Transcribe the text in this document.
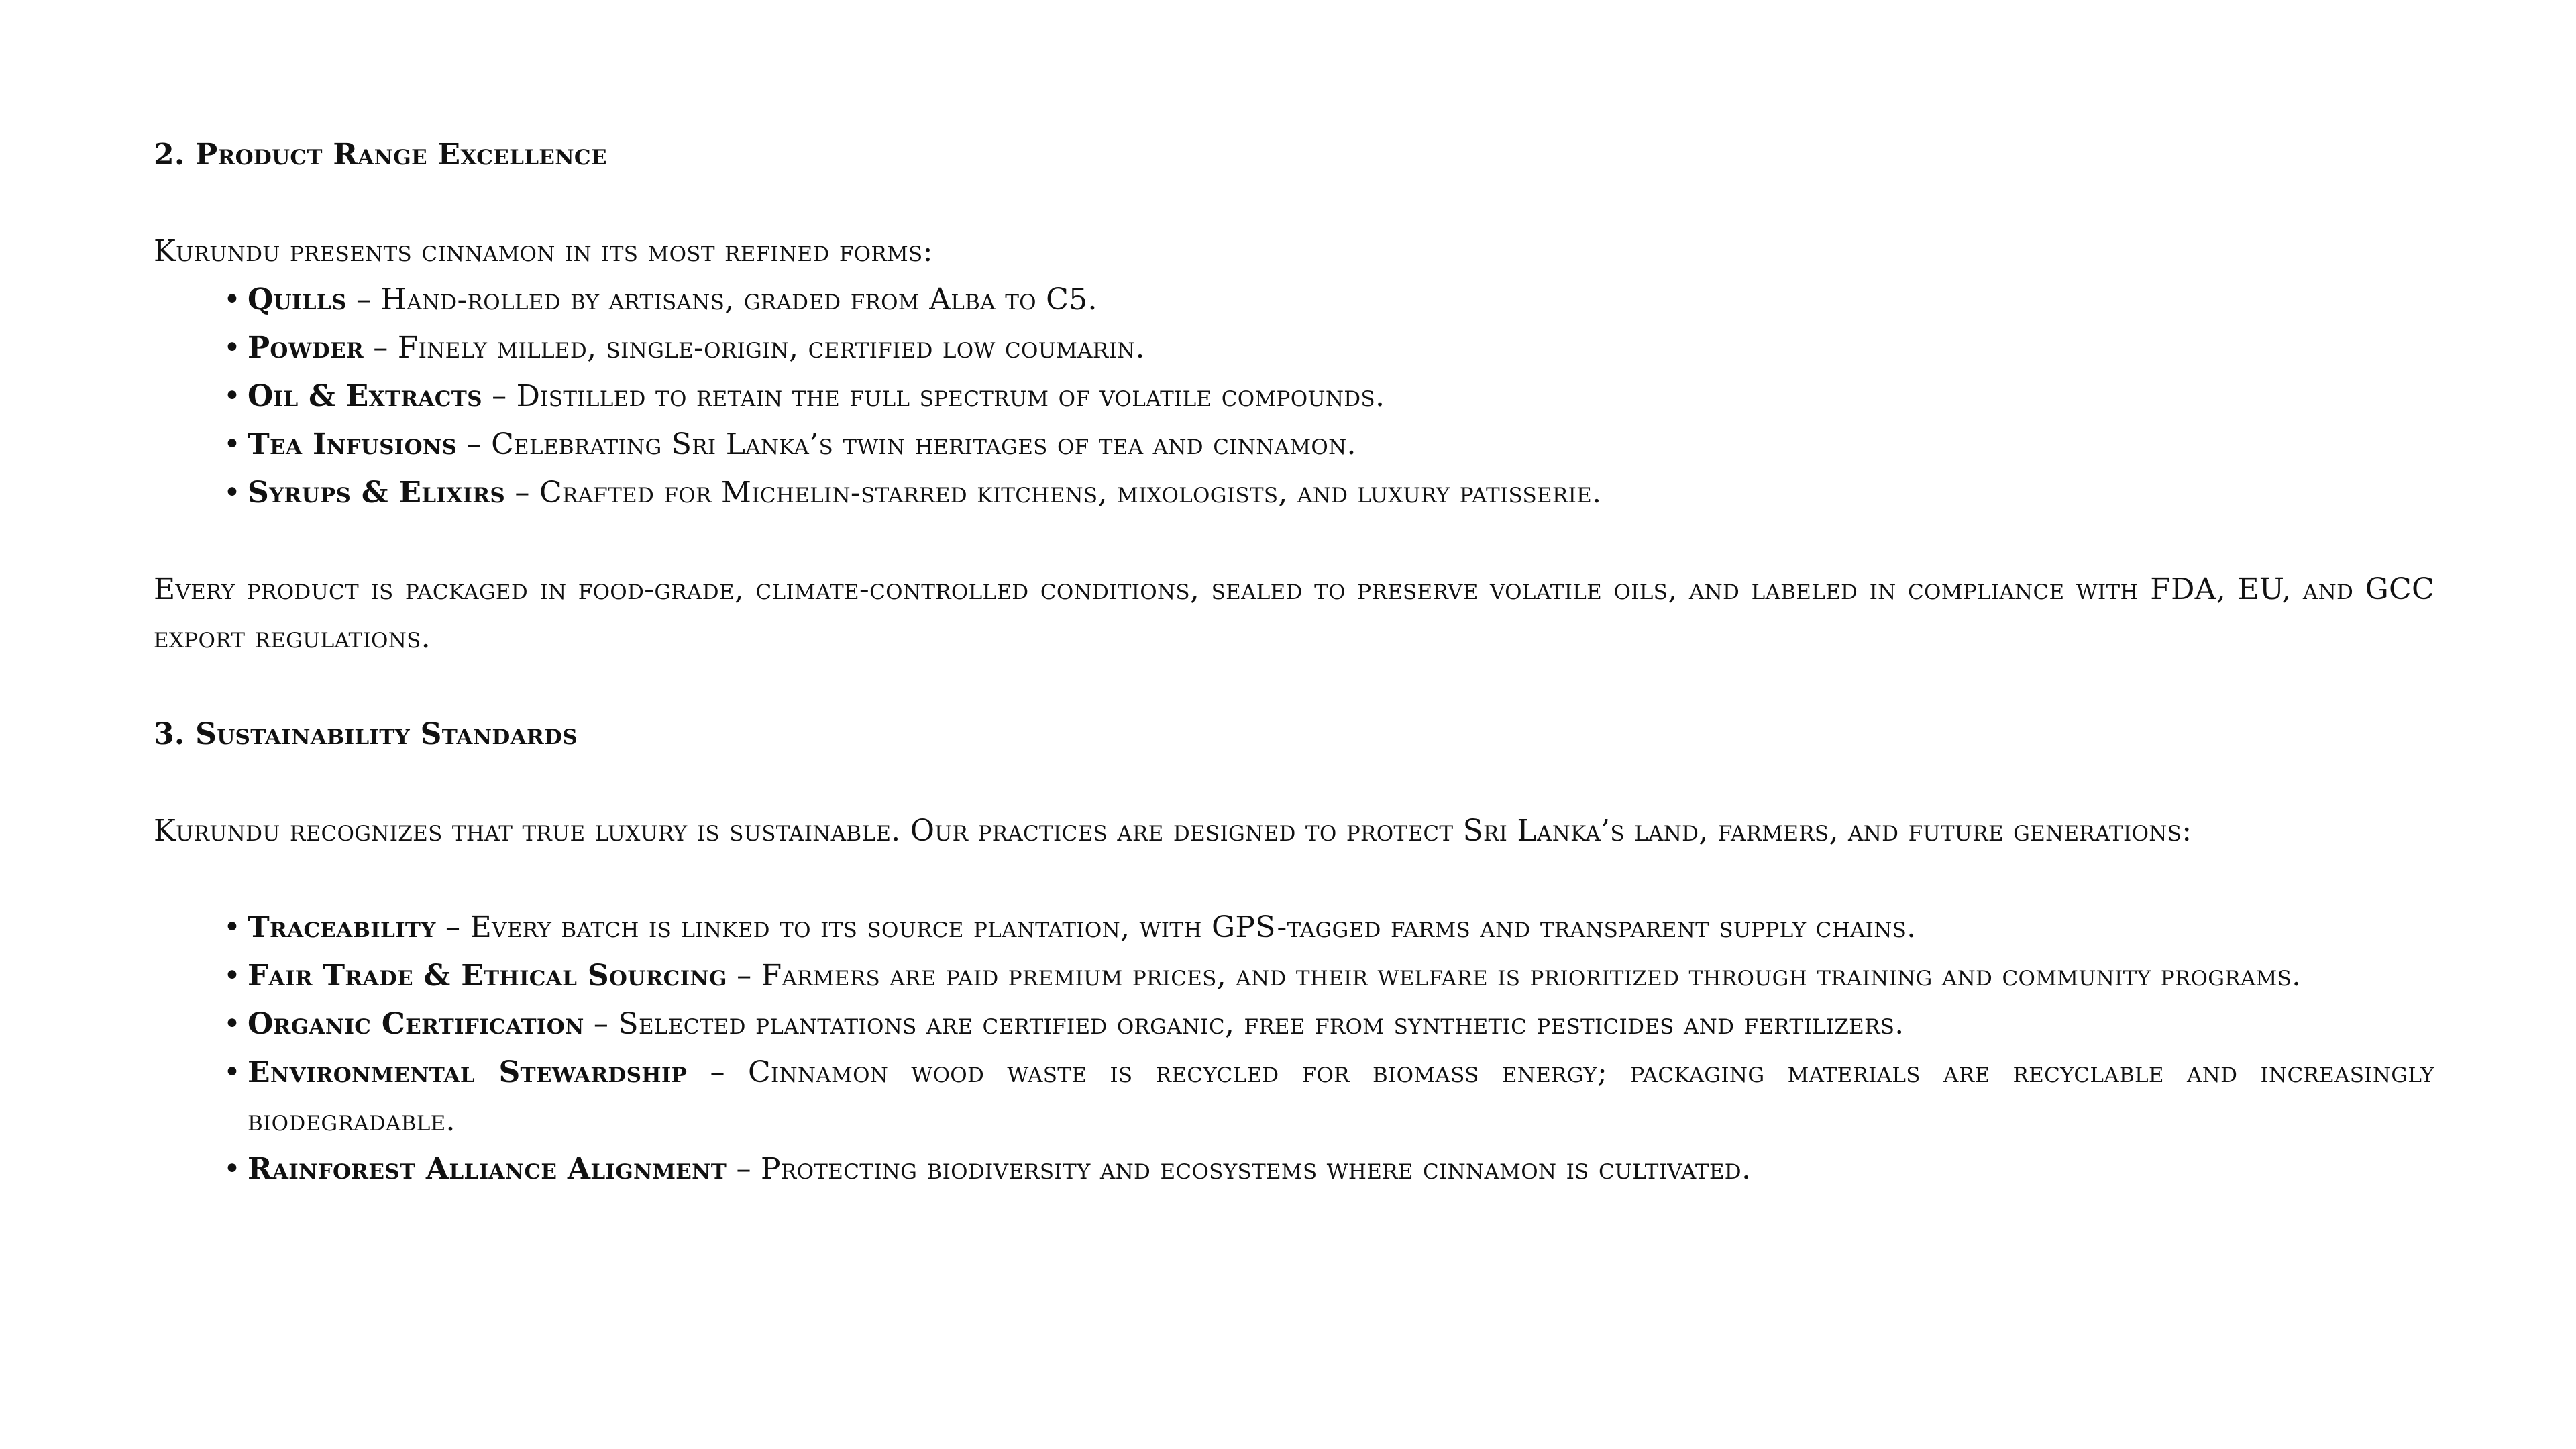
2. Product Range Excellence

Kurundu presents cinnamon in its most refined forms:

• Quills – Hand-rolled by artisans, graded from Alba to C5.
• Powder – Finely milled, single-origin, certified low coumarin.
• Oil & Extracts – Distilled to retain the full spectrum of volatile compounds.
• Tea Infusions – Celebrating Sri Lanka’s twin heritages of tea and cinnamon.
• Syrups & Elixirs – Crafted for Michelin-starred kitchens, mixologists, and luxury patisserie.

Every product is packaged in food-grade, climate-controlled conditions, sealed to preserve volatile oils, and labeled in compliance with FDA, EU, and GCC export regulations.

3. Sustainability Standards

Kurundu recognizes that true luxury is sustainable. Our practices are designed to protect Sri Lanka’s land, farmers, and future generations:

• Traceability – Every batch is linked to its source plantation, with GPS-tagged farms and transparent supply chains.
• Fair Trade & Ethical Sourcing – Farmers are paid premium prices, and their welfare is prioritized through training and community programs.
• Organic Certification – Selected plantations are certified organic, free from synthetic pesticides and fertilizers.
• Environmental Stewardship – Cinnamon wood waste is recycled for biomass energy; packaging materials are recyclable and increasingly biodegradable.
• Rainforest Alliance Alignment – Protecting biodiversity and ecosystems where cinnamon is cultivated.
